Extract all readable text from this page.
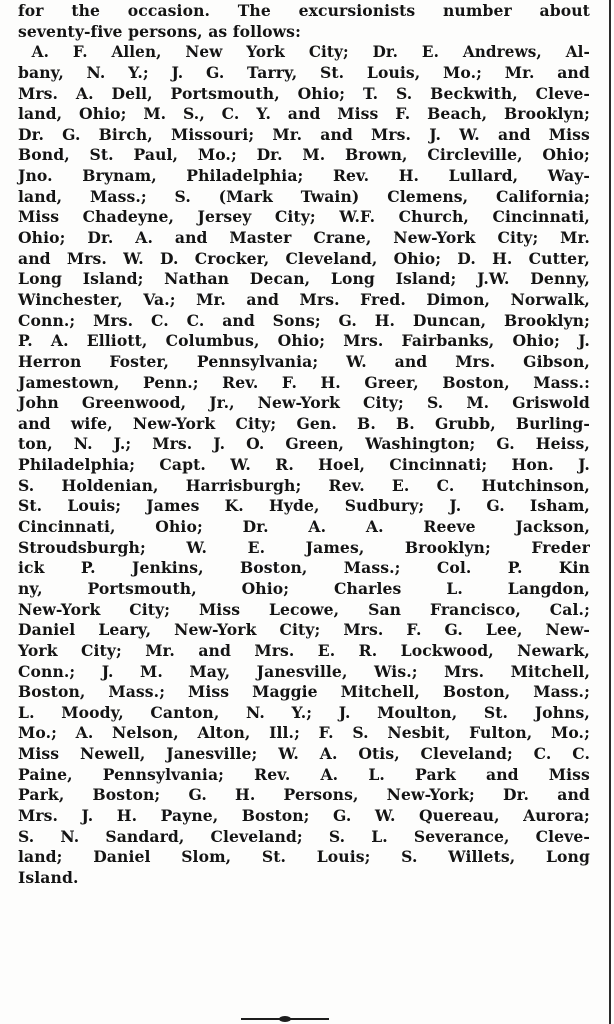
for the occasion. The excursionists number about
seventy-five persons, as follows:
A. F. Allen, New York City; Dr. E. Andrews, Al-
bany, N. Y.; J. G. Tarry, St. Louis, Mo.; Mr. and
Mrs. A. Dell, Portsmouth, Ohio; T. S. Beckwith, Cleve-
land, Ohio; M. S., C. Y. and Miss F. Beach, Brooklyn;
Dr. G. Birch, Missouri; Mr. and Mrs. J. W. and Miss
Bond, St. Paul, Mo.; Dr. M. Brown, Circleville, Ohio;
Jno. Brynam, Philadelphia; Rev. H. Lullard, Way-
land, Mass.; S. (Mark Twain) Clemens, California;
Miss Chadeyne, Jersey City; W.F. Church, Cincinnati,
Ohio; Dr. A. and Master Crane, New-York City; Mr.
and Mrs. W. D. Crocker, Cleveland, Ohio; D. H. Cutter,
Long Island; Nathan Decan, Long Island; J.W. Denny,
Winchester, Va.; Mr. and Mrs. Fred. Dimon, Norwalk,
Conn.; Mrs. C. C. and Sons; G. H. Duncan, Brooklyn;
P. A. Elliott, Columbus, Ohio; Mrs. Fairbanks, Ohio; J.
Herron Foster, Pennsylvania; W. and Mrs. Gibson,
Jamestown, Penn.; Rev. F. H. Greer, Boston, Mass.:
John Greenwood, Jr., New-York City; S. M. Griswold
and wife, New-York City; Gen. B. B. Grubb, Burling-
ton, N. J.; Mrs. J. O. Green, Washington; G. Heiss,
Philadelphia; Capt. W. R. Hoel, Cincinnati; Hon. J.
S. Holdenian, Harrisburgh; Rev. E. C. Hutchinson,
St. Louis; James K. Hyde, Sudbury; J. G. Isham,
Cincinnati,	Ohio;	Dr.	A.	A.	Reeve	Jackson,
Stroudsburgh;	W.	E.	James,	Brooklyn;	Freder
ick P. Jenkins, Boston, Mass.; Col. P. Kin
ny,	Portsmouth,	Ohio;	Charles	L.	Langdon,
New-York City; Miss Lecowe, San Francisco, Cal.;
Daniel Leary, New-York City; Mrs. F. G. Lee, New-
York City; Mr. and Mrs. E. R. Lockwood, Newark,
Conn.; J. M. May, Janesville, Wis.; Mrs. Mitchell,
Boston, Mass.; Miss Maggie Mitchell, Boston, Mass.;
L. Moody, Canton, N. Y.; J. Moulton, St. Johns,
Mo.; A. Nelson, Alton, Ill.; F. S. Nesbit, Fulton, Mo.;
Miss Newell, Janesville; W. A. Otis, Cleveland; C. C.
Paine, Pennsylvania; Rev. A. L. Park and Miss
Park, Boston; G. H. Persons, New-York; Dr. and
Mrs. J. H. Payne, Boston; G. W. Quereau, Aurora;
S. N. Sandard, Cleveland; S. L. Severance, Cleve-
land; Daniel Slom, St. Louis; S. Willets, Long
Island.
